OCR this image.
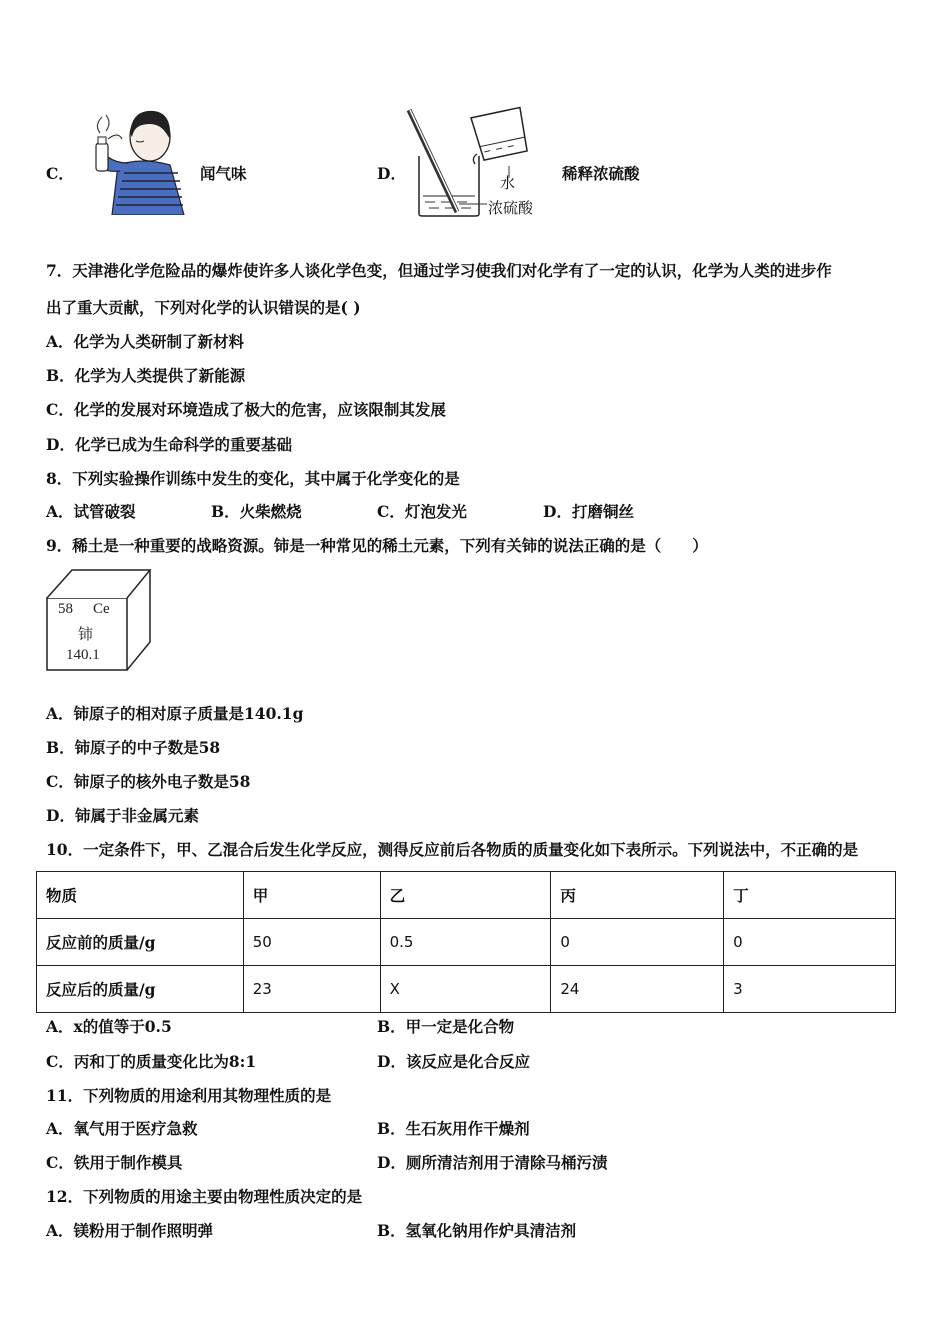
C．	闻气味	D．	水
浓硫酸
稀释浓硫酸
7．天津港化学危险品的爆炸使许多人谈化学色变，但通过学习使我们对化学有了一定的认识，化学为人类的进步作
出了重大贡献，下列对化学的认识错误的是( )
A．化学为人类研制了新材料
B．化学为人类提供了新能源
C．化学的发展对环境造成了极大的危害，应该限制其发展
D．化学已成为生命科学的重要基础
8．下列实验操作训练中发生的变化，其中属于化学变化的是
A．试管破裂	B．火柴燃烧	C．灯泡发光	D．打磨铜丝
9．稀土是一种重要的战略资源。铈是一种常见的稀土元素，下列有关铈的说法正确的是（　　）
58 Ce
铈
140.1
A．铈原子的相对原子质量是140.1g
B．铈原子的中子数是58
C．铈原子的核外电子数是58
D．铈属于非金属元素
10．一定条件下，甲、乙混合后发生化学反应，测得反应前后各物质的质量变化如下表所示。下列说法中，不正确的是
物质	甲	乙	丙	丁
反应前的质量/g	50	0.5	0	0
反应后的质量/g	23	X	24	3
A．x的值等于0.5	B．甲一定是化合物
C．丙和丁的质量变化比为8:1	D．该反应是化合反应
11．下列物质的用途利用其物理性质的是
A．氧气用于医疗急救	B．生石灰用作干燥剂
C．铁用于制作模具	D．厕所清洁剂用于清除马桶污渍
12．下列物质的用途主要由物理性质决定的是
A．镁粉用于制作照明弹	B．氢氧化钠用作炉具清洁剂
